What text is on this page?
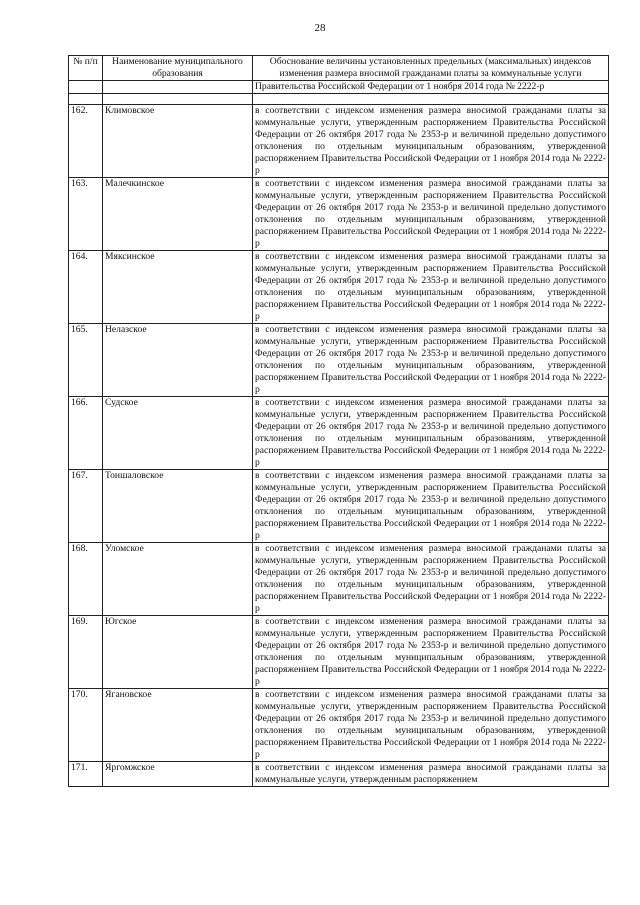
28
№ п/п	Наименование муниципального образования	Обоснование величины установленных предельных (максимальных) индексов изменения размера вносимой гражданами платы за коммунальные услуги
		Правительства Российской Федерации от 1 ноября 2014 года № 2222-р

162.	Климовское	в соответствии с индексом изменения размера вносимой гражданами платы за коммунальные услуги, утвержденным распоряжением Правительства Российской Федерации от 26 октября 2017 года № 2353-р и величиной предельно допустимого отклонения по отдельным муниципальным образованиям, утвержденной распоряжением Правительства Российской Федерации от 1 ноября 2014 года № 2222-р
163.	Малечкинское	в соответствии с индексом изменения размера вносимой гражданами платы за коммунальные услуги, утвержденным распоряжением Правительства Российской Федерации от 26 октября 2017 года № 2353-р и величиной предельно допустимого отклонения по отдельным муниципальным образованиям, утвержденной распоряжением Правительства Российской Федерации от 1 ноября 2014 года № 2222-р
164.	Мяксинское	в соответствии с индексом изменения размера вносимой гражданами платы за коммунальные услуги, утвержденным распоряжением Правительства Российской Федерации от 26 октября 2017 года № 2353-р и величиной предельно допустимого отклонения по отдельным муниципальным образованиям, утвержденной распоряжением Правительства Российской Федерации от 1 ноября 2014 года № 2222-р
165.	Нелазское	в соответствии с индексом изменения размера вносимой гражданами платы за коммунальные услуги, утвержденным распоряжением Правительства Российской Федерации от 26 октября 2017 года № 2353-р и величиной предельно допустимого отклонения по отдельным муниципальным образованиям, утвержденной распоряжением Правительства Российской Федерации от 1 ноября 2014 года № 2222-р
166.	Судское	в соответствии с индексом изменения размера вносимой гражданами платы за коммунальные услуги, утвержденным распоряжением Правительства Российской Федерации от 26 октября 2017 года № 2353-р и величиной предельно допустимого отклонения по отдельным муниципальным образованиям, утвержденной распоряжением Правительства Российской Федерации от 1 ноября 2014 года № 2222-р
167.	Тоншаловское	в соответствии с индексом изменения размера вносимой гражданами платы за коммунальные услуги, утвержденным распоряжением Правительства Российской Федерации от 26 октября 2017 года № 2353-р и величиной предельно допустимого отклонения по отдельным муниципальным образованиям, утвержденной распоряжением Правительства Российской Федерации от 1 ноября 2014 года № 2222-р
168.	Уломское	в соответствии с индексом изменения размера вносимой гражданами платы за коммунальные услуги, утвержденным распоряжением Правительства Российской Федерации от 26 октября 2017 года № 2353-р и величиной предельно допустимого отклонения по отдельным муниципальным образованиям, утвержденной распоряжением Правительства Российской Федерации от 1 ноября 2014 года № 2222-р
169.	Югское	в соответствии с индексом изменения размера вносимой гражданами платы за коммунальные услуги, утвержденным распоряжением Правительства Российской Федерации от 26 октября 2017 года № 2353-р и величиной предельно допустимого отклонения по отдельным муниципальным образованиям, утвержденной распоряжением Правительства Российской Федерации от 1 ноября 2014 года № 2222-р
170.	Ягановское	в соответствии с индексом изменения размера вносимой гражданами платы за коммунальные услуги, утвержденным распоряжением Правительства Российской Федерации от 26 октября 2017 года № 2353-р и величиной предельно допустимого отклонения по отдельным муниципальным образованиям, утвержденной распоряжением Правительства Российской Федерации от 1 ноября 2014 года № 2222-р
171.	Яргомжское	в соответствии с индексом изменения размера вносимой гражданами платы за коммунальные услуги, утвержденным распоряжением
